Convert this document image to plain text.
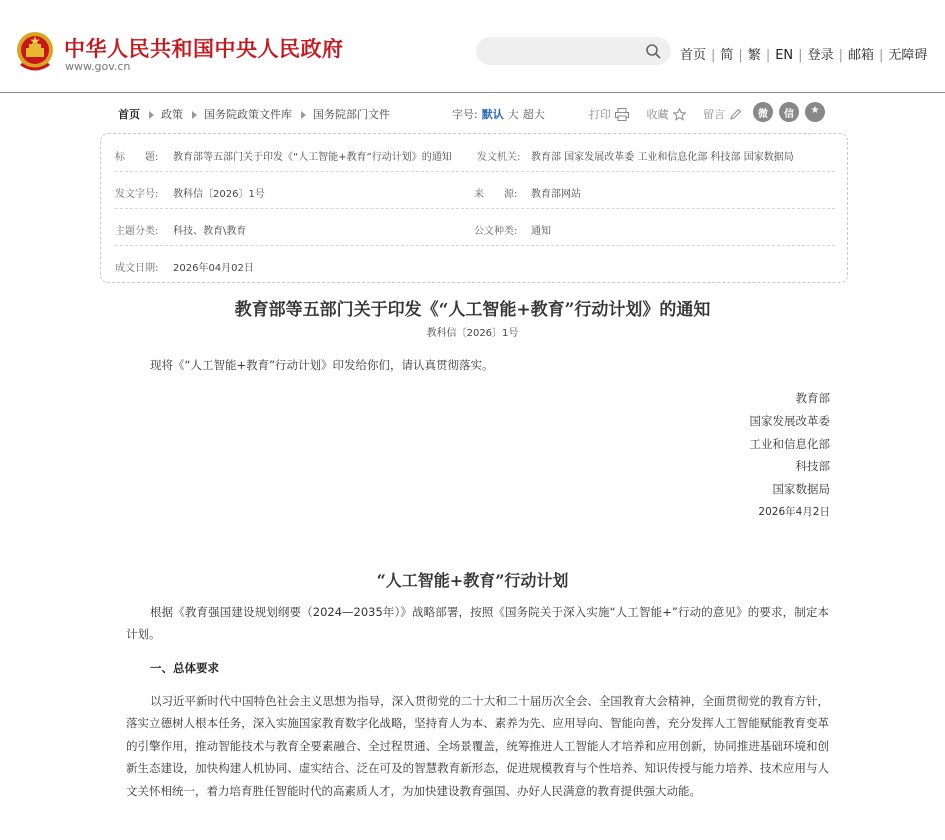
中华人民共和国中央人民政府
www.gov.cn
首页 | 简 | 繁 | EN | 登录 | 邮箱 | 无障碍
首页 政策 国务院政策文件库 国务院部门文件	字号: 默认 大 超大	打印
	收藏
	留言	微	信	★
标　　题: 教育部等五部门关于印发《“人工智能+教育”行动计划》的通知	发文机关: 教育部 国家发展改革委 工业和信息化部 科技部 国家数据局
发文字号: 教科信〔2026〕1号	来　　源: 教育部网站
主题分类: 科技、教育\教育	公文种类: 通知
成文日期: 2026年04月02日
教育部等五部门关于印发《“人工智能+教育”行动计划》的通知
教科信〔2026〕1号
现将《“人工智能+教育”行动计划》印发给你们，请认真贯彻落实。
教育部
国家发展改革委
工业和信息化部
科技部
国家数据局
2026年4月2日
“人工智能+教育”行动计划
根据《教育强国建设规划纲要（2024—2035年）》战略部署，按照《国务院关于深入实施“人工智能+”行动的意见》的要求，制定本计划。
一、总体要求
以习近平新时代中国特色社会主义思想为指导，深入贯彻党的二十大和二十届历次全会、全国教育大会精神，全面贯彻党的教育方针，落实立德树人根本任务，深入实施国家教育数字化战略，坚持育人为本、素养为先、应用导向、智能向善，充分发挥人工智能赋能教育变革的引擎作用，推动智能技术与教育全要素融合、全过程贯通、全场景覆盖，统筹推进人工智能人才培养和应用创新，协同推进基础环境和创新生态建设，加快构建人机协同、虚实结合、泛在可及的智慧教育新形态，促进规模教育与个性培养、知识传授与能力培养、技术应用与人文关怀相统一，着力培育胜任智能时代的高素质人才，为加快建设教育强国、办好人民满意的教育提供强大动能。
